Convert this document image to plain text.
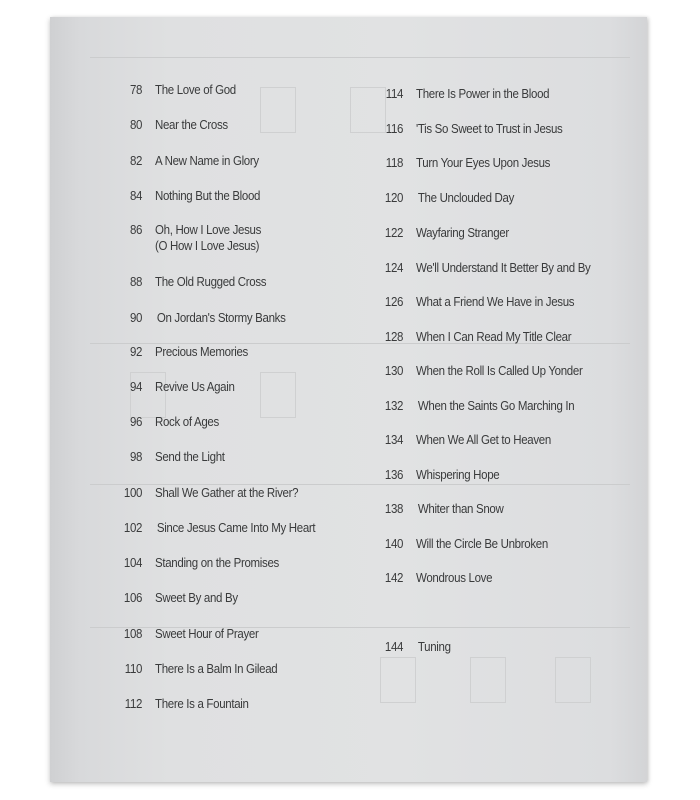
78 The Love of God
80 Near the Cross
82 A New Name in Glory
84 Nothing But the Blood
86 Oh, How I Love Jesus
(O How I Love Jesus)
88 The Old Rugged Cross
90 On Jordan's Stormy Banks
92 Precious Memories
94 Revive Us Again
96 Rock of Ages
98 Send the Light
100 Shall We Gather at the River?
102 Since Jesus Came Into My Heart
104 Standing on the Promises
106 Sweet By and By
108 Sweet Hour of Prayer
110 There Is a Balm In Gilead
112 There Is a Fountain
114 There Is Power in the Blood
116 'Tis So Sweet to Trust in Jesus
118 Turn Your Eyes Upon Jesus
120 The Unclouded Day
122 Wayfaring Stranger
124 We'll Understand It Better By and By
126 What a Friend We Have in Jesus
128 When I Can Read My Title Clear
130 When the Roll Is Called Up Yonder
132 When the Saints Go Marching In
134 When We All Get to Heaven
136 Whispering Hope
138 Whiter than Snow
140 Will the Circle Be Unbroken
142 Wondrous Love
144 Tuning
